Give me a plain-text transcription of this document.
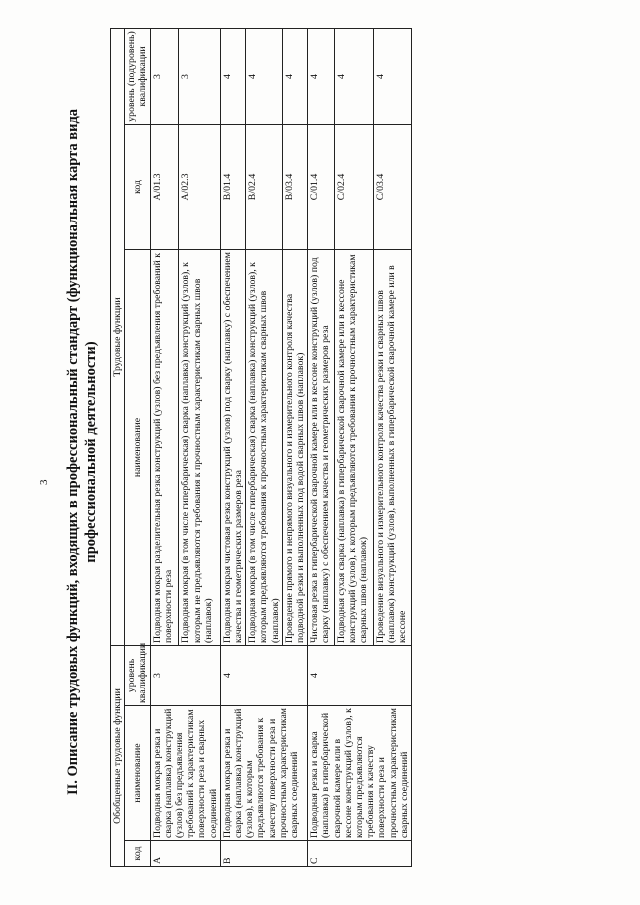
3 II. Описание трудовых функций, входящих в профессиональный стандарт (функциональная карта вида профессиональной деятельности)
Обобщенные трудовые функции			Трудовые функции		
код	наименование	уровень квалификации	наименование	код	уровень (подуровень) квалификации
A	Подводная мокрая резка и сварка (наплавка) конструкций (узлов) без предъявления требований к характеристикам поверхности реза и сварных соединений	3	Подводная мокрая разделительная резка конструкций (узлов) без предъявления требований к поверхности реза	A/01.3	3
			Подводная мокрая (в том числе гипербарическая) сварка (наплавка) конструкций (узлов), к которым не предъявляются требования к прочностным характеристикам сварных швов (наплавок)	A/02.3	3
B	Подводная мокрая резка и сварка (наплавка) конструкций (узлов), к которым предъявляются требования к качеству поверхности реза и прочностным характеристикам сварных соединений	4	Подводная мокрая чистовая резка конструкций (узлов) под сварку (наплавку) с обеспечением качества и геометрических размеров реза	B/01.4	4
			Подводная мокрая (в том числе гипербарическая) сварка (наплавка) конструкций (узлов), к которым предъявляются требования к прочностным характеристикам сварных швов (наплавок)	B/02.4	4
			Проведение прямого и непрямого визуального и измерительного контроля качества подводной резки и выполненных под водой сварных швов (наплавок)	B/03.4	4
C	Подводная резка и сварка (наплавка) в гипербарической сварочной камере или в кессоне конструкций (узлов), к которым предъявляются требования к качеству поверхности реза и прочностным характеристикам сварных соединений	4	Чистовая резка в гипербарической сварочной камере или в кессоне конструкций (узлов) под сварку (наплавку) с обеспечением качества и геометрических размеров реза	C/01.4	4
			Подводная сухая сварка (наплавка) в гипербарической сварочной камере или в кессоне конструкций (узлов), к которым предъявляются требования к прочностным характеристикам сварных швов (наплавок)	C/02.4	4
			Проведение визуального и измерительного контроля качества резки и сварных швов (наплавок) конструкций (узлов), выполненных в гипербарической сварочной камере или в кессоне	C/03.4	4
